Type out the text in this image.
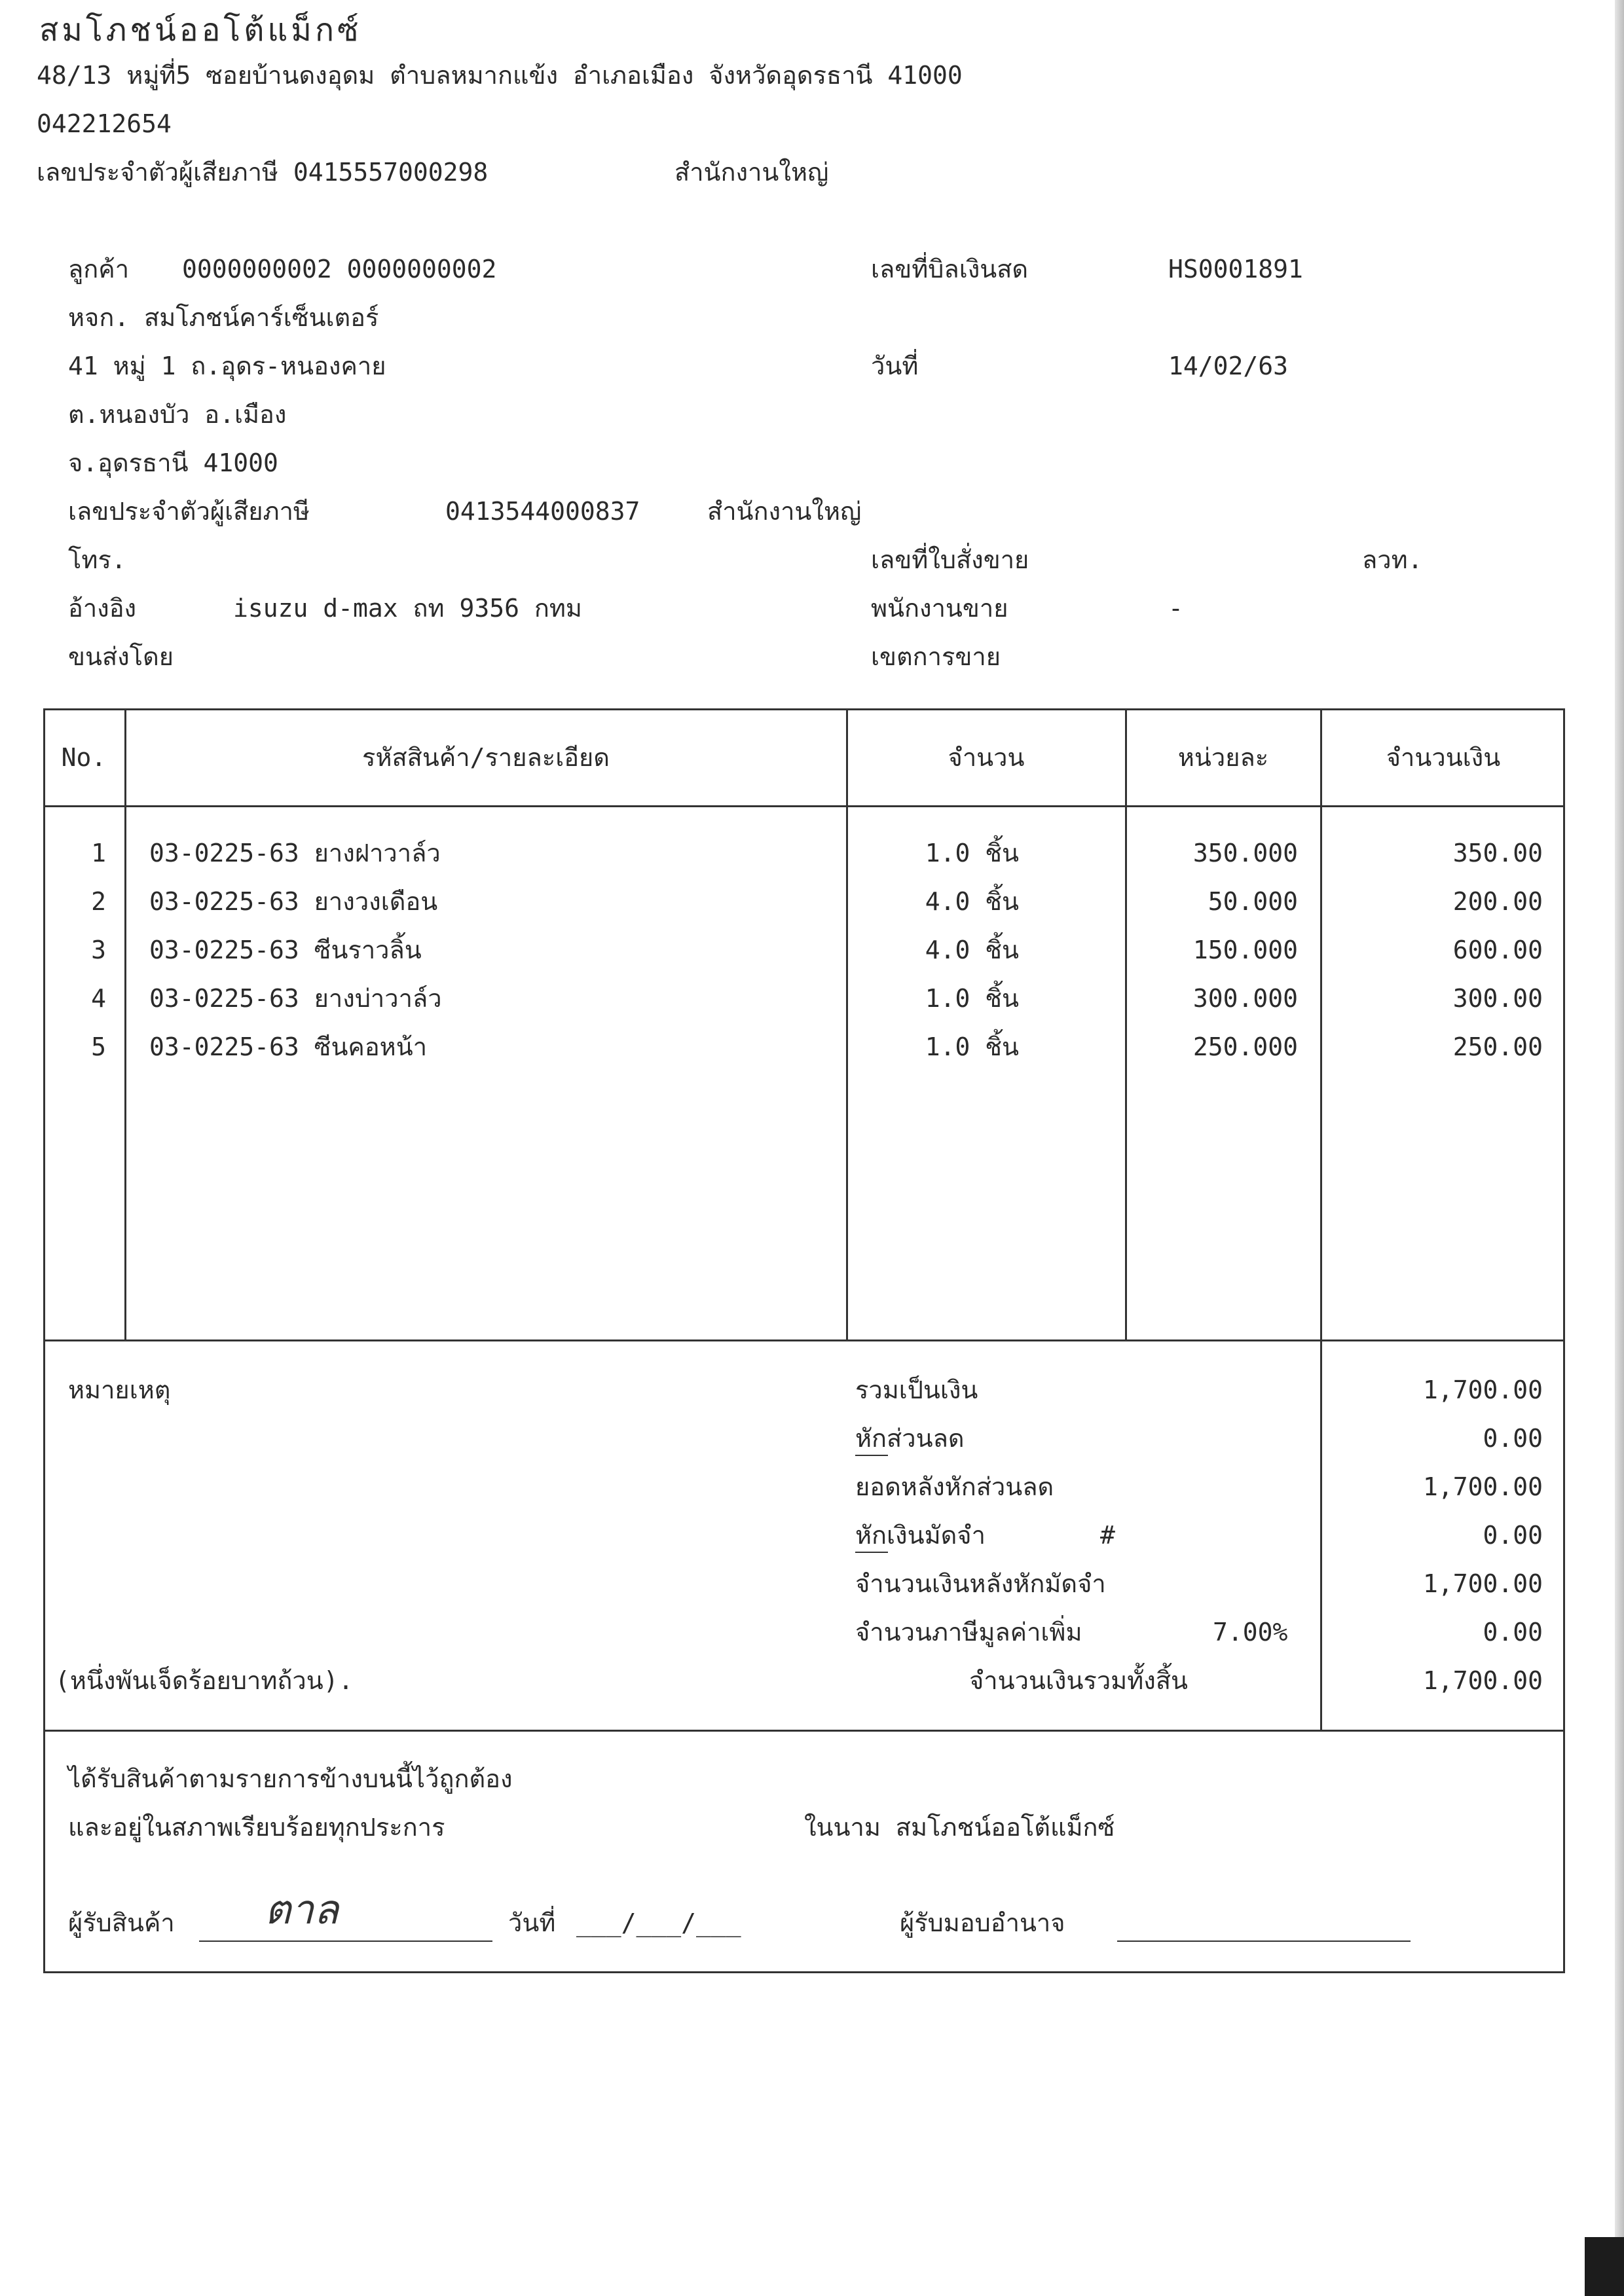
สมโภชน์ออโต้แม็กซ์
48/13 หมู่ที่5 ซอยบ้านดงอุดม ตำบลหมากแข้ง อำเภอเมือง จังหวัดอุดรธานี 41000
042212654
เลขประจำตัวผู้เสียภาษี 0415557000298	สำนักงานใหญ่
ลูกค้า 0000000002 0000000002
หจก. สมโภชน์คาร์เซ็นเตอร์
41 หมู่ 1 ถ.อุดร-หนองคาย
ต.หนองบัว อ.เมือง
จ.อุดรธานี 41000
เลขประจำตัวผู้เสียภาษี	0413544000837	สำนักงานใหญ่
โทร.
อ้างอิง	isuzu d-max ถท 9356 กทม
ขนส่งโดย
เลขที่บิลเงินสด	HS0001891
วันที่	14/02/63
เลขที่ใบสั่งขาย	ลวท.
พนักงานขาย	-
เขตการขาย
No.	รหัสสินค้า/รายละเอียด	จำนวน	หน่วยละ	จำนวนเงิน
1 03-0225-63 ยางฝาวาล์ว	1.0 ชิ้น	350.000	350.00
2 03-0225-63 ยางวงเดือน	4.0 ชิ้น	50.000	200.00
3 03-0225-63 ซีนราวลิ้น	4.0 ชิ้น	150.000	600.00
4 03-0225-63 ยางบ่าวาล์ว	1.0 ชิ้น	300.000	300.00
5 03-0225-63 ซีนคอหน้า	1.0 ชิ้น	250.000	250.00
หมายเหตุ	รวมเป็นเงิน	1,700.00
หักส่วนลด	0.00
ยอดหลังหักส่วนลด	1,700.00
หักเงินมัดจำ	#	0.00
จำนวนเงินหลังหักมัดจำ	1,700.00
จำนวนภาษีมูลค่าเพิ่ม	7.00%	0.00
(หนึ่งพันเจ็ดร้อยบาทถ้วน).	จำนวนเงินรวมทั้งสิ้น	1,700.00
ได้รับสินค้าตามรายการข้างบนนี้ไว้ถูกต้อง
และอยู่ในสภาพเรียบร้อยทุกประการ	ในนาม สมโภชน์ออโต้แม็กซ์
ผู้รับสินค้า ตาล	วันที่ ___/___/___	ผู้รับมอบอำนาจ
